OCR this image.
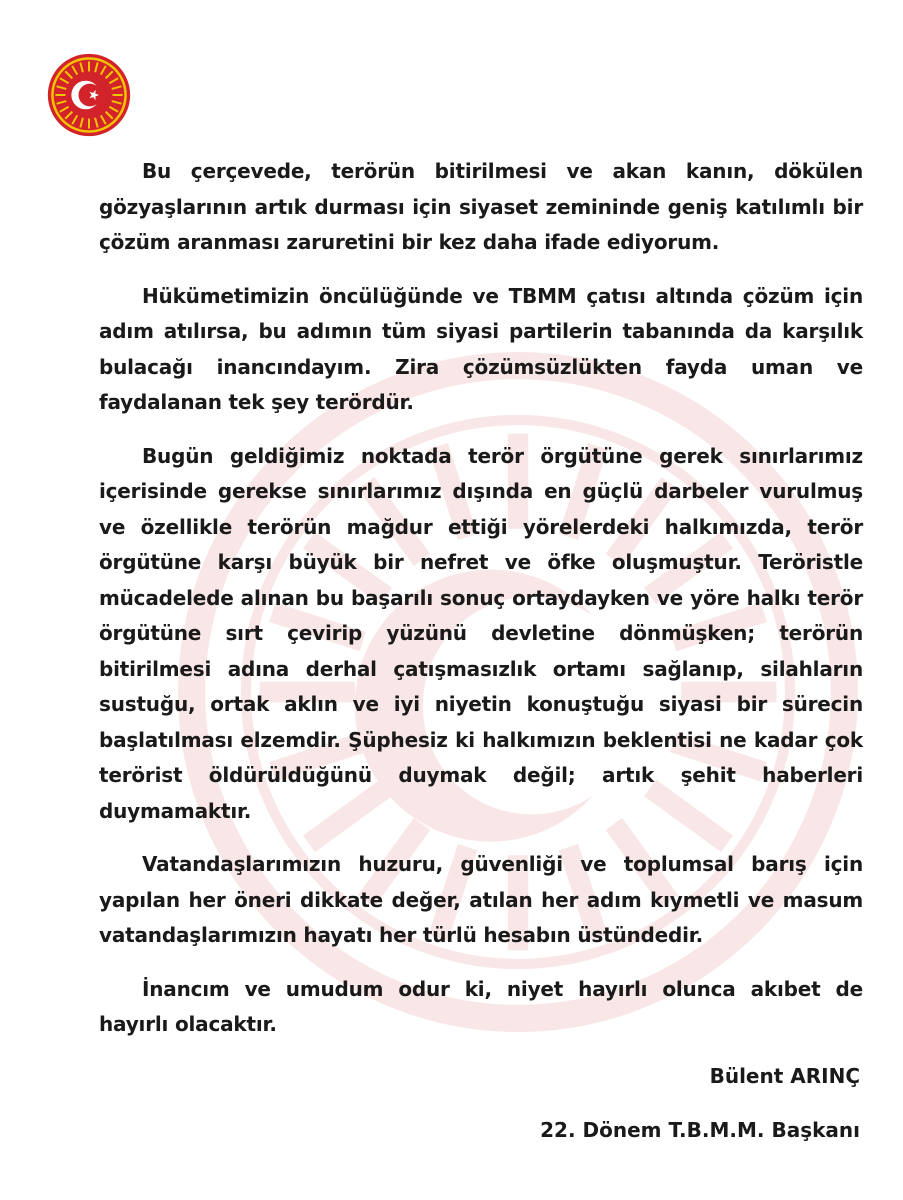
Bu çerçevede, terörün bitirilmesi ve akan kanın, dökülen gözyaşlarının artık durması için siyaset zemininde geniş katılımlı bir çözüm aranması zaruretini bir kez daha ifade ediyorum.

Hükümetimizin öncülüğünde ve TBMM çatısı altında çözüm için adım atılırsa, bu adımın tüm siyasi partilerin tabanında da karşılık bulacağı inancındayım. Zira çözümsüzlükten fayda uman ve faydalanan tek şey terördür.

Bugün geldiğimiz noktada terör örgütüne gerek sınırlarımız içerisinde gerekse sınırlarımız dışında en güçlü darbeler vurulmuş ve özellikle terörün mağdur ettiği yörelerdeki halkımızda, terör örgütüne karşı büyük bir nefret ve öfke oluşmuştur. Teröristle mücadelede alınan bu başarılı sonuç ortaydayken ve yöre halkı terör örgütüne sırt çevirip yüzünü devletine dönmüşken; terörün bitirilmesi adına derhal çatışmasızlık ortamı sağlanıp, silahların sustuğu, ortak aklın ve iyi niyetin konuştuğu siyasi bir sürecin başlatılması elzemdir. Şüphesiz ki halkımızın beklentisi ne kadar çok terörist öldürüldüğünü duymak değil; artık şehit haberleri duymamaktır.

Vatandaşlarımızın huzuru, güvenliği ve toplumsal barış için yapılan her öneri dikkate değer, atılan her adım kıymetli ve masum vatandaşlarımızın hayatı her türlü hesabın üstündedir.

İnancım ve umudum odur ki, niyet hayırlı olunca akıbet de hayırlı olacaktır.

Bülent ARINÇ

22. Dönem T.B.M.M. Başkanı
